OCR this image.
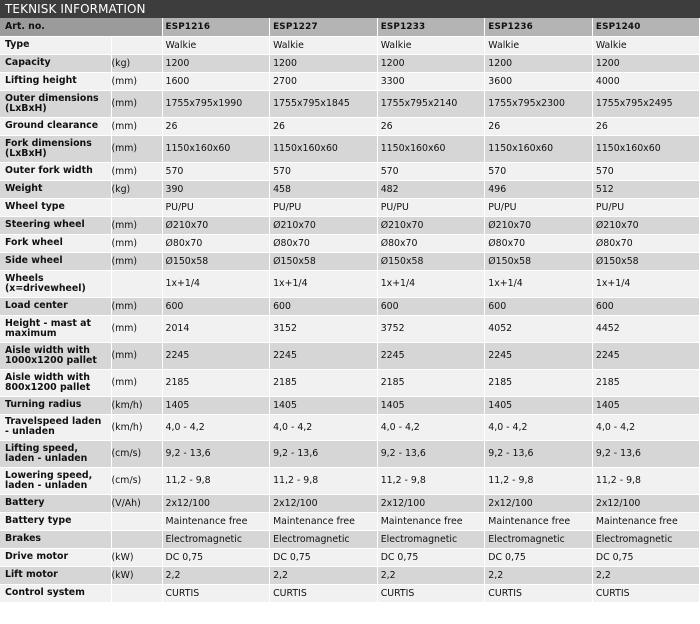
TEKNISK INFORMATION
Art. no.		ESP1216	ESP1227	ESP1233	ESP1236	ESP1240
Type		Walkie	Walkie	Walkie	Walkie	Walkie
Capacity	(kg)	1200	1200	1200	1200	1200
Lifting height	(mm)	1600	2700	3300	3600	4000
Outer dimensions (LxBxH)	(mm)	1755x795x1990	1755x795x1845	1755x795x2140	1755x795x2300	1755x795x2495
Ground clearance	(mm)	26	26	26	26	26
Fork dimensions (LxBxH)	(mm)	1150x160x60	1150x160x60	1150x160x60	1150x160x60	1150x160x60
Outer fork width	(mm)	570	570	570	570	570
Weight	(kg)	390	458	482	496	512
Wheel type		PU/PU	PU/PU	PU/PU	PU/PU	PU/PU
Steering wheel	(mm)	Ø210x70	Ø210x70	Ø210x70	Ø210x70	Ø210x70
Fork wheel	(mm)	Ø80x70	Ø80x70	Ø80x70	Ø80x70	Ø80x70
Side wheel	(mm)	Ø150x58	Ø150x58	Ø150x58	Ø150x58	Ø150x58
Wheels (x=drivewheel)		1x+1/4	1x+1/4	1x+1/4	1x+1/4	1x+1/4
Load center	(mm)	600	600	600	600	600
Height - mast at maximum	(mm)	2014	3152	3752	4052	4452
Aisle width with 1000x1200 pallet	(mm)	2245	2245	2245	2245	2245
Aisle width with 800x1200 pallet	(mm)	2185	2185	2185	2185	2185
Turning radius	(km/h)	1405	1405	1405	1405	1405
Travelspeed laden - unladen	(km/h)	4,0 - 4,2	4,0 - 4,2	4,0 - 4,2	4,0 - 4,2	4,0 - 4,2
Lifting speed, laden - unladen	(cm/s)	9,2 - 13,6	9,2 - 13,6	9,2 - 13,6	9,2 - 13,6	9,2 - 13,6
Lowering speed, laden - unladen	(cm/s)	11,2 - 9,8	11,2 - 9,8	11,2 - 9,8	11,2 - 9,8	11,2 - 9,8
Battery	(V/Ah)	2x12/100	2x12/100	2x12/100	2x12/100	2x12/100
Battery type		Maintenance free	Maintenance free	Maintenance free	Maintenance free	Maintenance free
Brakes		Electromagnetic	Electromagnetic	Electromagnetic	Electromagnetic	Electromagnetic
Drive motor	(kW)	DC 0,75	DC 0,75	DC 0,75	DC 0,75	DC 0,75
Lift motor	(kW)	2,2	2,2	2,2	2,2	2,2
Control system		CURTIS	CURTIS	CURTIS	CURTIS	CURTIS
